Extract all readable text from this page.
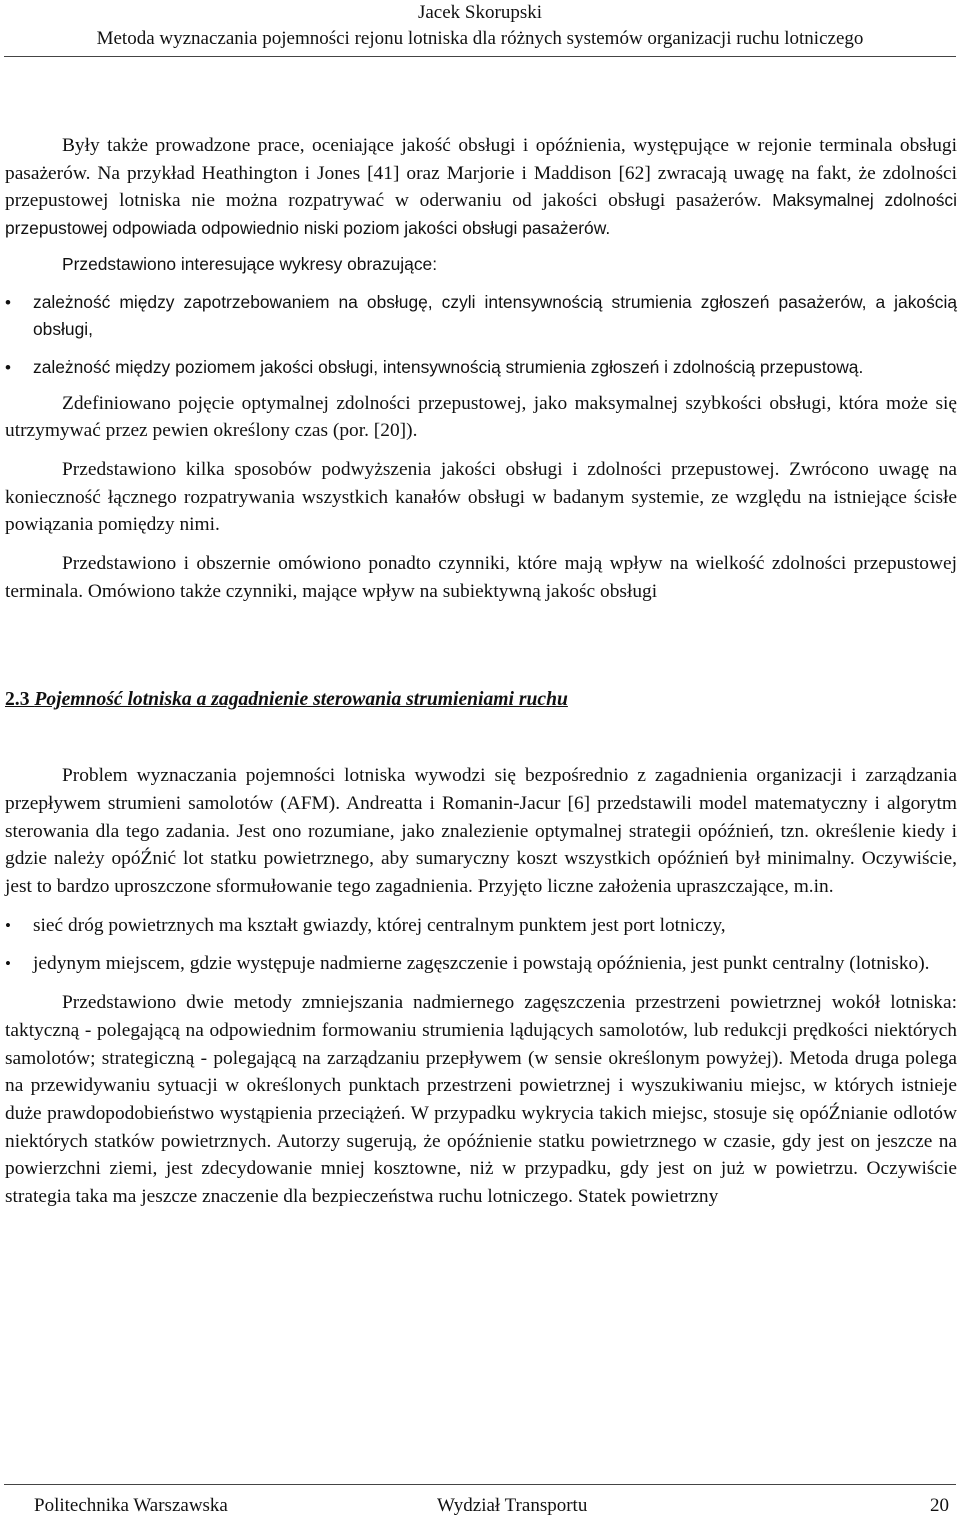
Jacek Skorupski
Metoda wyznaczania pojemności rejonu lotniska dla różnych systemów organizacji ruchu lotniczego

Były także prowadzone prace, oceniające jakość obsługi i opóźnienia, występujące w rejonie terminala obsługi pasażerów. Na przykład Heathington i Jones [41] oraz Marjorie i Maddison [62] zwracają uwagę na fakt, że zdolności przepustowej lotniska nie można rozpatrywać w oderwaniu od jakości obsługi pasażerów. Maksymalnej zdolności przepustowej odpowiada odpowiednio niski poziom jakości obsługi pasażerów.

Przedstawiono interesujące wykresy obrazujące:

• zależność między zapotrzebowaniem na obsługę, czyli intensywnością strumienia zgłoszeń pasażerów, a jakością obsługi,
• zależność między poziomem jakości obsługi, intensywnością strumienia zgłoszeń i zdolnością przepustową.

Zdefiniowano pojęcie optymalnej zdolności przepustowej, jako maksymalnej szybkości obsługi, która może się utrzymywać przez pewien określony czas (por. [20]).

Przedstawiono kilka sposobów podwyższenia jakości obsługi i zdolności przepustowej. Zwrócono uwagę na konieczność łącznego rozpatrywania wszystkich kanałów obsługi w badanym systemie, ze względu na istniejące ścisłe powiązania pomiędzy nimi.

Przedstawiono i obszernie omówiono ponadto czynniki, które mają wpływ na wielkość zdolności przepustowej terminala. Omówiono także czynniki, mające wpływ na subiektywną jakośc obsługi

2.3 Pojemność lotniska a zagadnienie sterowania strumieniami ruchu

Problem wyznaczania pojemności lotniska wywodzi się bezpośrednio z zagadnienia organizacji i zarządzania przepływem strumieni samolotów (AFM). Andreatta i Romanin-Jacur [6] przedstawili model matematyczny i algorytm sterowania dla tego zadania. Jest ono rozumiane, jako znalezienie optymalnej strategii opóźnień, tzn. określenie kiedy i gdzie należy opóŹnić lot statku powietrznego, aby sumaryczny koszt wszystkich opóźnień był minimalny. Oczywiście, jest to bardzo uproszczone sformułowanie tego zagadnienia. Przyjęto liczne założenia upraszczające, m.in.

• sieć dróg powietrznych ma kształt gwiazdy, której centralnym punktem jest port lotniczy,
• jedynym miejscem, gdzie występuje nadmierne zagęszczenie i powstają opóźnienia, jest punkt centralny (lotnisko).

Przedstawiono dwie metody zmniejszania nadmiernego zagęszczenia przestrzeni powietrznej wokół lotniska: taktyczną - polegającą na odpowiednim formowaniu strumienia lądujących samolotów, lub redukcji prędkości niektórych samolotów; strategiczną - polegającą na zarządzaniu przepływem (w sensie określonym powyżej). Metoda druga polega na przewidywaniu sytuacji w określonych punktach przestrzeni powietrznej i wyszukiwaniu miejsc, w których istnieje duże prawdopodobieństwo wystąpienia przeciążeń. W przypadku wykrycia takich miejsc, stosuje się opóŹnianie odlotów niektórych statków powietrznych. Autorzy sugerują, że opóźnienie statku powietrznego w czasie, gdy jest on jeszcze na powierzchni ziemi, jest zdecydowanie mniej kosztowne, niż w przypadku, gdy jest on już w powietrzu. Oczywiście strategia taka ma jeszcze znaczenie dla bezpieczeństwa ruchu lotniczego. Statek powietrzny

Politechnika Warszawska	Wydział Transportu	20
